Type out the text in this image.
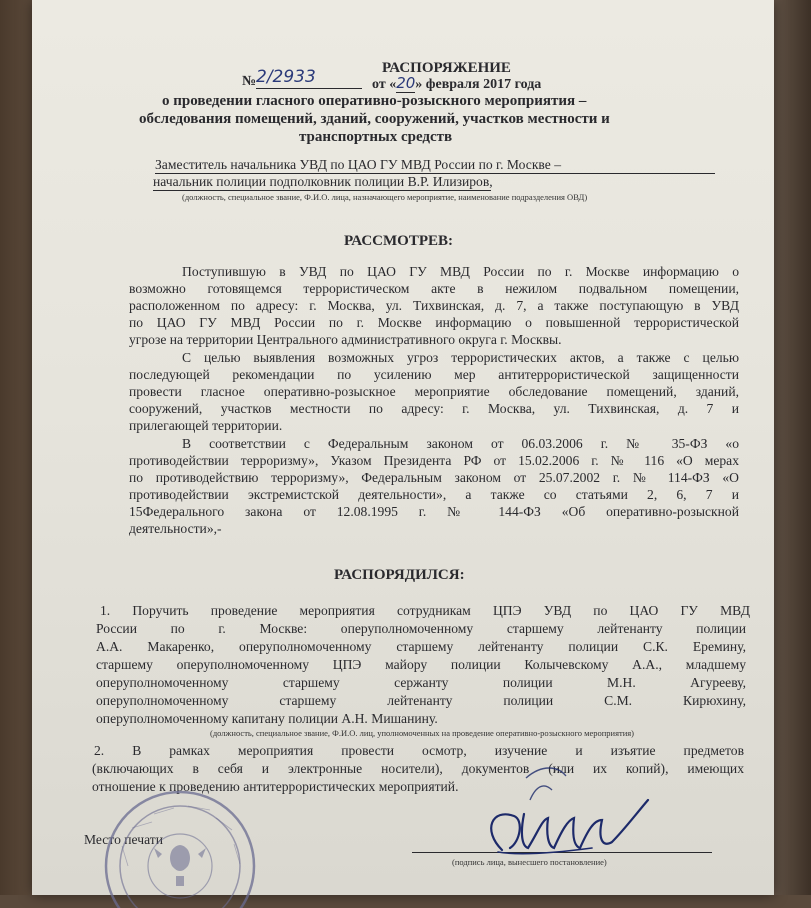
РАСПОРЯЖЕНИЕ
№ 2/2933	от «20» февраля 2017 года
о проведении гласного оперативно-розыскного мероприятия –
обследования помещений, зданий, сооружений, участков местности и
транспортных средств
Заместитель начальника УВД по ЦАО ГУ МВД России по г. Москве –
начальник полиции подполковник полиции В.Р. Илизиров,
(должность, специальное звание, Ф.И.О. лица, назначающего мероприятие, наименование подразделения ОВД)
РАССМОТРЕВ:
Поступившую в УВД по ЦАО ГУ МВД России по г. Москве информацию о
возможно готовящемся террористическом акте в нежилом подвальном помещении,
расположенном по адресу: г. Москва, ул. Тихвинская, д. 7, а также поступающую в УВД
по ЦАО ГУ МВД России по г. Москве информацию о повышенной террористической
угрозе на территории Центрального административного округа г. Москвы.
С целью выявления возможных угроз террористических актов, а также с целью
последующей рекомендации по усилению мер антитеррористической защищенности
провести гласное оперативно-розыскное мероприятие обследование помещений, зданий,
сооружений, участков местности по адресу: г. Москва, ул. Тихвинская, д. 7 и
прилегающей территории.
В соответствии с Федеральным законом от 06.03.2006 г. № 35-ФЗ «о
противодействии терроризму», Указом Президента РФ от 15.02.2006 г. № 116 «О мерах
по противодействию терроризму», Федеральным законом от 25.07.2002 г. № 114-ФЗ «О
противодействии экстремистской деятельности», а также со статьями 2, 6, 7 и
15Федерального закона от 12.08.1995 г. № 144-ФЗ «Об оперативно-розыскной
деятельности»,-
РАСПОРЯДИЛСЯ:
1. Поручить проведение мероприятия сотрудникам ЦПЭ УВД по ЦАО ГУ МВД
России по г. Москве: оперуполномоченному старшему лейтенанту полиции
А.А. Макаренко, оперуполномоченному старшему лейтенанту полиции С.К. Еремину,
старшему оперуполномоченному ЦПЭ майору полиции Колычевскому А.А., младшему
оперуполномоченному старшему сержанту полиции М.Н. Агурееву,
оперуполномоченному старшему лейтенанту полиции С.М. Кирюхину,
оперуполномоченному капитану полиции А.Н. Мишанину.
(должность, специальное звание, Ф.И.О. лиц, уполномоченных на проведение оперативно-розыскного мероприятия)
2. В рамках мероприятия провести осмотр, изучение и изъятие предметов
(включающих в себя и электронные носители), документов (или их копий), имеющих
отношение к проведению антитеррористических мероприятий.
Место печати
(подпись лица, вынесшего постановление)
